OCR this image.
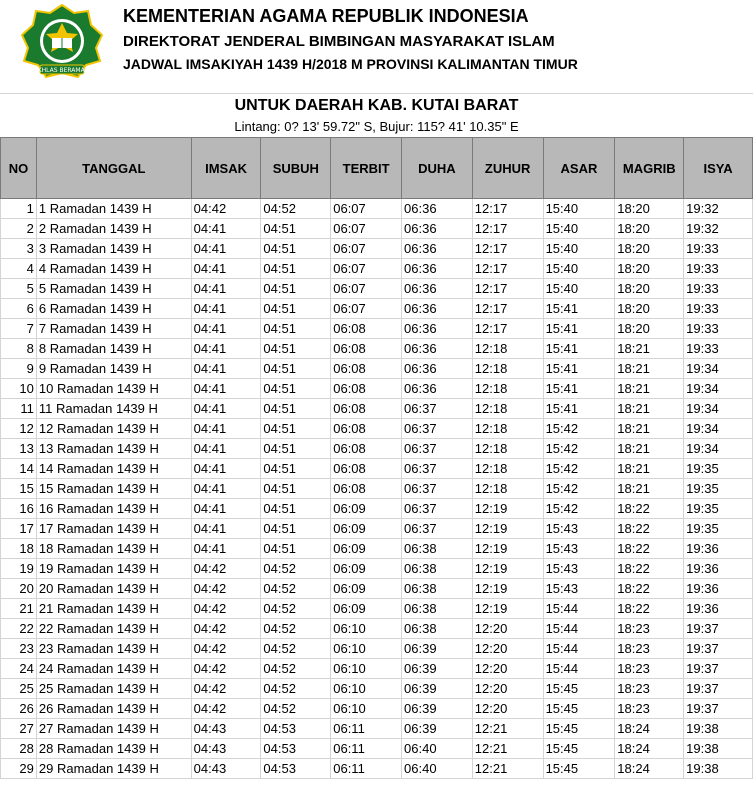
IKHLAS BERAMAL
KEMENTERIAN AGAMA REPUBLIK INDONESIA
DIREKTORAT JENDERAL BIMBINGAN MASYARAKAT ISLAM
JADWAL IMSAKIYAH 1439 H/2018 M PROVINSI KALIMANTAN TIMUR
UNTUK DAERAH KAB. KUTAI BARAT
Lintang: 0? 13' 59.72" S, Bujur: 115? 41' 10.35" E
NO	TANGGAL	IMSAK	SUBUH	TERBIT	DUHA	ZUHUR	ASAR	MAGRIB	ISYA
1	1 Ramadan 1439 H	04:42	04:52	06:07	06:36	12:17	15:40	18:20	19:32
2	2 Ramadan 1439 H	04:41	04:51	06:07	06:36	12:17	15:40	18:20	19:32
3	3 Ramadan 1439 H	04:41	04:51	06:07	06:36	12:17	15:40	18:20	19:33
4	4 Ramadan 1439 H	04:41	04:51	06:07	06:36	12:17	15:40	18:20	19:33
5	5 Ramadan 1439 H	04:41	04:51	06:07	06:36	12:17	15:40	18:20	19:33
6	6 Ramadan 1439 H	04:41	04:51	06:07	06:36	12:17	15:41	18:20	19:33
7	7 Ramadan 1439 H	04:41	04:51	06:08	06:36	12:17	15:41	18:20	19:33
8	8 Ramadan 1439 H	04:41	04:51	06:08	06:36	12:18	15:41	18:21	19:33
9	9 Ramadan 1439 H	04:41	04:51	06:08	06:36	12:18	15:41	18:21	19:34
10	10 Ramadan 1439 H	04:41	04:51	06:08	06:36	12:18	15:41	18:21	19:34
11	11 Ramadan 1439 H	04:41	04:51	06:08	06:37	12:18	15:41	18:21	19:34
12	12 Ramadan 1439 H	04:41	04:51	06:08	06:37	12:18	15:42	18:21	19:34
13	13 Ramadan 1439 H	04:41	04:51	06:08	06:37	12:18	15:42	18:21	19:34
14	14 Ramadan 1439 H	04:41	04:51	06:08	06:37	12:18	15:42	18:21	19:35
15	15 Ramadan 1439 H	04:41	04:51	06:08	06:37	12:18	15:42	18:21	19:35
16	16 Ramadan 1439 H	04:41	04:51	06:09	06:37	12:19	15:42	18:22	19:35
17	17 Ramadan 1439 H	04:41	04:51	06:09	06:37	12:19	15:43	18:22	19:35
18	18 Ramadan 1439 H	04:41	04:51	06:09	06:38	12:19	15:43	18:22	19:36
19	19 Ramadan 1439 H	04:42	04:52	06:09	06:38	12:19	15:43	18:22	19:36
20	20 Ramadan 1439 H	04:42	04:52	06:09	06:38	12:19	15:43	18:22	19:36
21	21 Ramadan 1439 H	04:42	04:52	06:09	06:38	12:19	15:44	18:22	19:36
22	22 Ramadan 1439 H	04:42	04:52	06:10	06:38	12:20	15:44	18:23	19:37
23	23 Ramadan 1439 H	04:42	04:52	06:10	06:39	12:20	15:44	18:23	19:37
24	24 Ramadan 1439 H	04:42	04:52	06:10	06:39	12:20	15:44	18:23	19:37
25	25 Ramadan 1439 H	04:42	04:52	06:10	06:39	12:20	15:45	18:23	19:37
26	26 Ramadan 1439 H	04:42	04:52	06:10	06:39	12:20	15:45	18:23	19:37
27	27 Ramadan 1439 H	04:43	04:53	06:11	06:39	12:21	15:45	18:24	19:38
28	28 Ramadan 1439 H	04:43	04:53	06:11	06:40	12:21	15:45	18:24	19:38
29	29 Ramadan 1439 H	04:43	04:53	06:11	06:40	12:21	15:45	18:24	19:38
